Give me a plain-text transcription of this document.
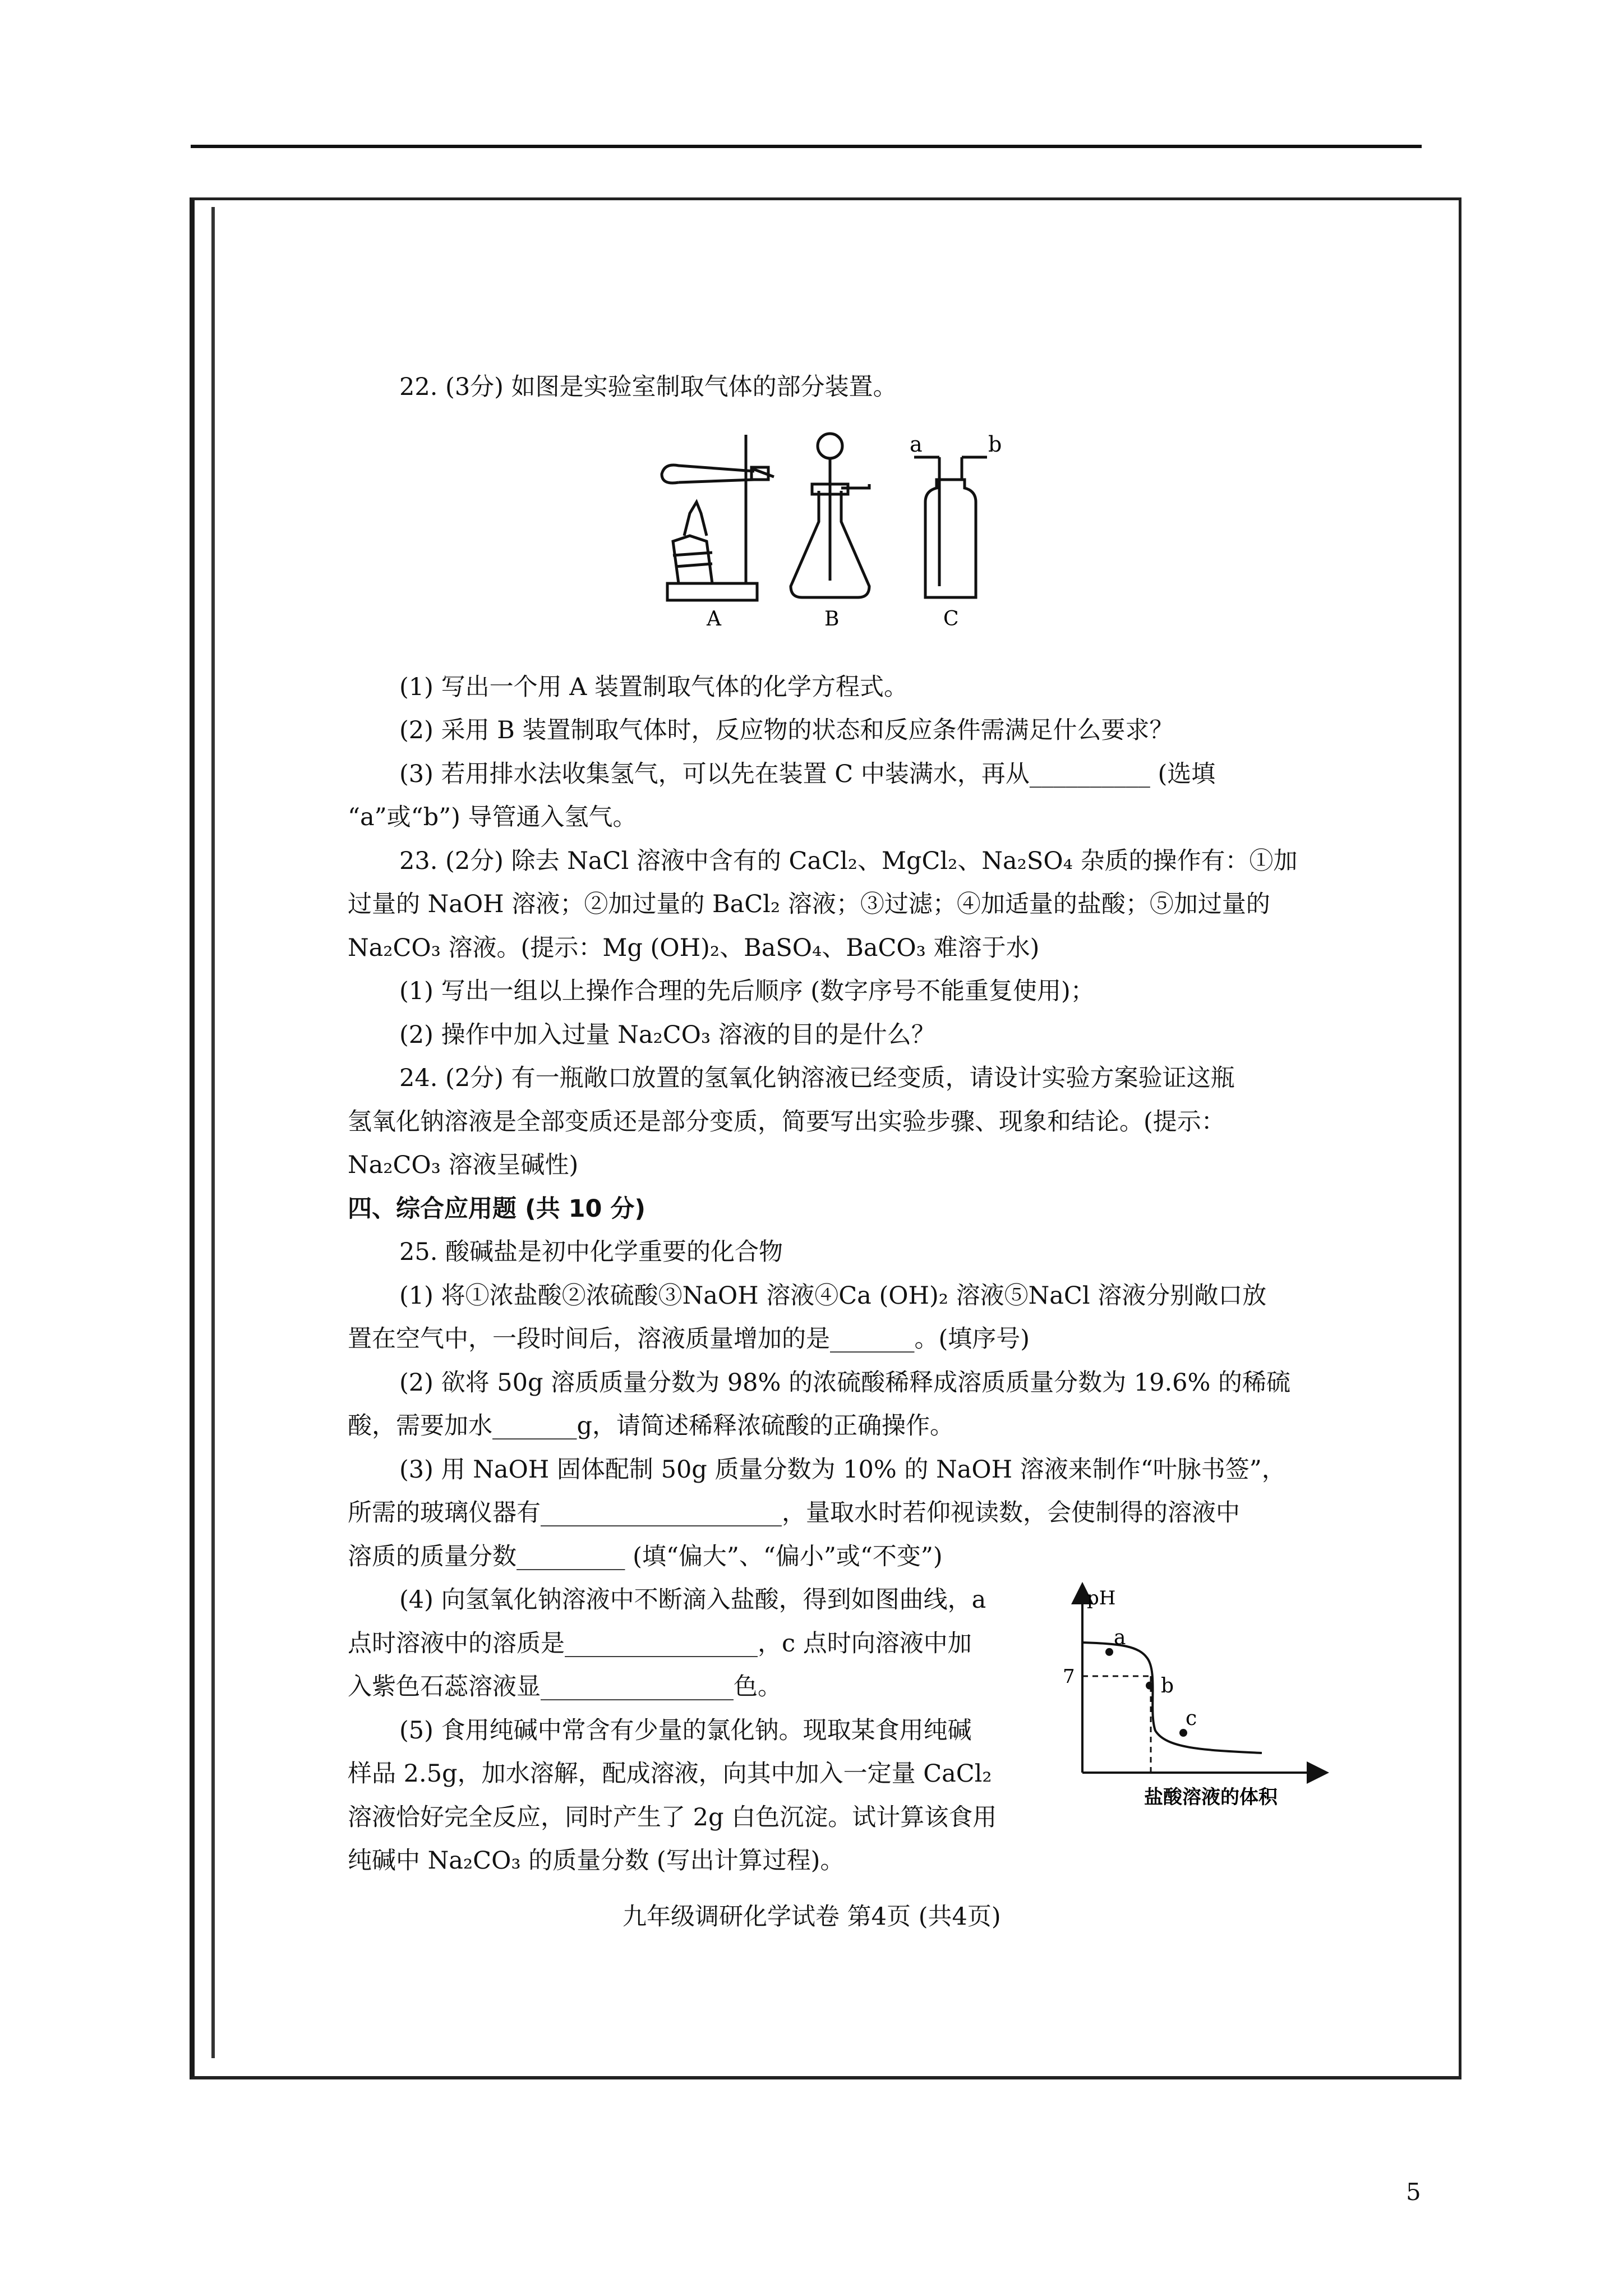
22. (3分) 如图是实验室制取气体的部分装置。
a	b
A	B	C
(1) 写出一个用 A 装置制取气体的化学方程式。
(2) 采用 B 装置制取气体时，反应物的状态和反应条件需满足什么要求？
(3) 若用排水法收集氢气，可以先在装置 C 中装满水，再从__________ (选填
“a”或“b”) 导管通入氢气。
23. (2分) 除去 NaCl 溶液中含有的 CaCl₂、MgCl₂、Na₂SO₄ 杂质的操作有：①加
过量的 NaOH 溶液；②加过量的 BaCl₂ 溶液；③过滤；④加适量的盐酸；⑤加过量的
Na₂CO₃ 溶液。(提示：Mg (OH)₂、BaSO₄、BaCO₃ 难溶于水)
(1) 写出一组以上操作合理的先后顺序 (数字序号不能重复使用)；
(2) 操作中加入过量 Na₂CO₃ 溶液的目的是什么？
24. (2分) 有一瓶敞口放置的氢氧化钠溶液已经变质，请设计实验方案验证这瓶
氢氧化钠溶液是全部变质还是部分变质，简要写出实验步骤、现象和结论。(提示：
Na₂CO₃ 溶液呈碱性)
四、综合应用题 (共 10 分)
25. 酸碱盐是初中化学重要的化合物
(1) 将①浓盐酸②浓硫酸③NaOH 溶液④Ca (OH)₂ 溶液⑤NaCl 溶液分别敞口放
置在空气中，一段时间后，溶液质量增加的是_______。(填序号)
(2) 欲将 50g 溶质质量分数为 98% 的浓硫酸稀释成溶质质量分数为 19.6% 的稀硫
酸，需要加水_______g，请简述稀释浓硫酸的正确操作。
(3) 用 NaOH 固体配制 50g 质量分数为 10% 的 NaOH 溶液来制作“叶脉书签”，
所需的玻璃仪器有____________________，量取水时若仰视读数，会使制得的溶液中
溶质的质量分数_________ (填“偏大”、“偏小”或“不变”)
(4) 向氢氧化钠溶液中不断滴入盐酸，得到如图曲线，a
点时溶液中的溶质是________________，c 点时向溶液中加
入紫色石蕊溶液显________________色。
(5) 食用纯碱中常含有少量的氯化钠。现取某食用纯碱
样品 2.5g，加水溶解，配成溶液，向其中加入一定量 CaCl₂
溶液恰好完全反应，同时产生了 2g 白色沉淀。试计算该食用
纯碱中 Na₂CO₃ 的质量分数 (写出计算过程)。
pH
盐酸溶液的体积
7
a
b
c
九年级调研化学试卷 第4页 (共4页)
5
